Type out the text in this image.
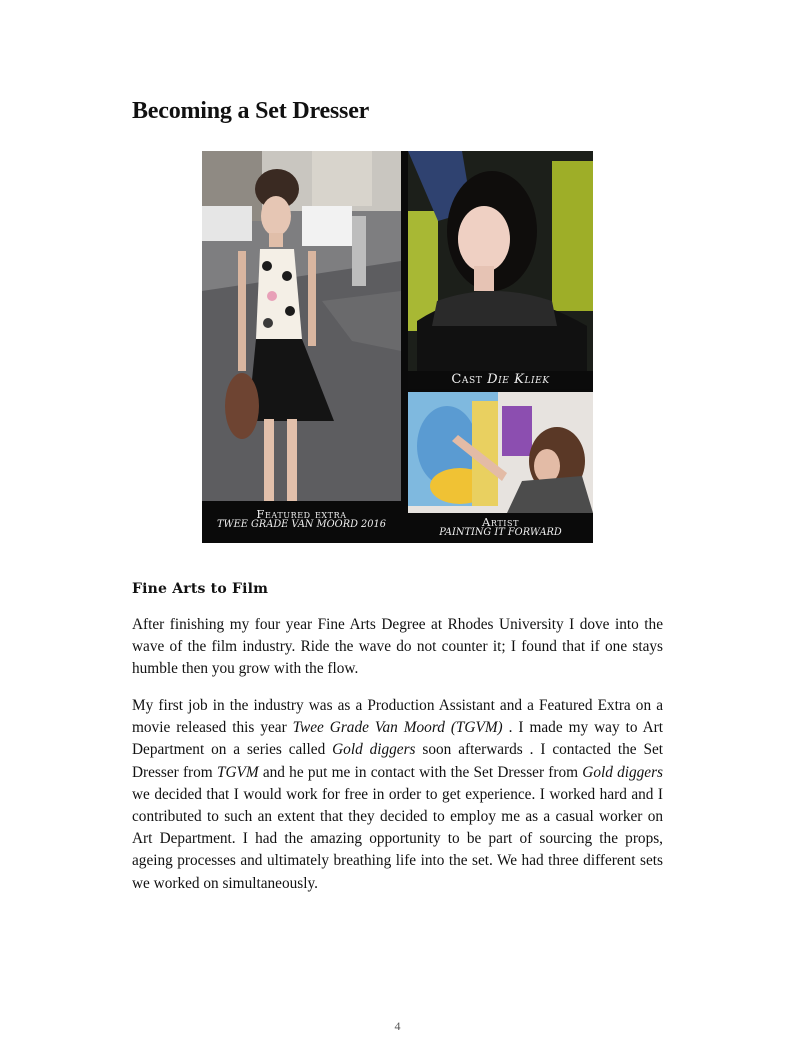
Becoming a Set Dresser
Featured extra
TWEE GRADE VAN MOORD 2016
Cast Die Kliek
Artist
PAINTING IT FORWARD
Fine Arts to Film

After finishing my four year Fine Arts Degree at Rhodes University I dove into the wave of the film industry. Ride the wave do not counter it; I found that if one stays humble then you grow with the flow.

My first job in the industry was as a Production Assistant and a Featured Extra on a movie released this year Twee Grade Van Moord (TGVM) . I made my way to Art Department on a series called Gold diggers soon afterwards . I contacted the Set Dresser from TGVM and he put me in contact with the Set Dresser from Gold diggers we decided that I would work for free in order to get experience. I worked hard and I contributed to such an extent that they decided to employ me as a casual worker on Art Department. I had the amazing opportunity to be part of sourcing the props, ageing processes and ultimately breathing life into the set. We had three different sets we worked on simultaneously.

4
